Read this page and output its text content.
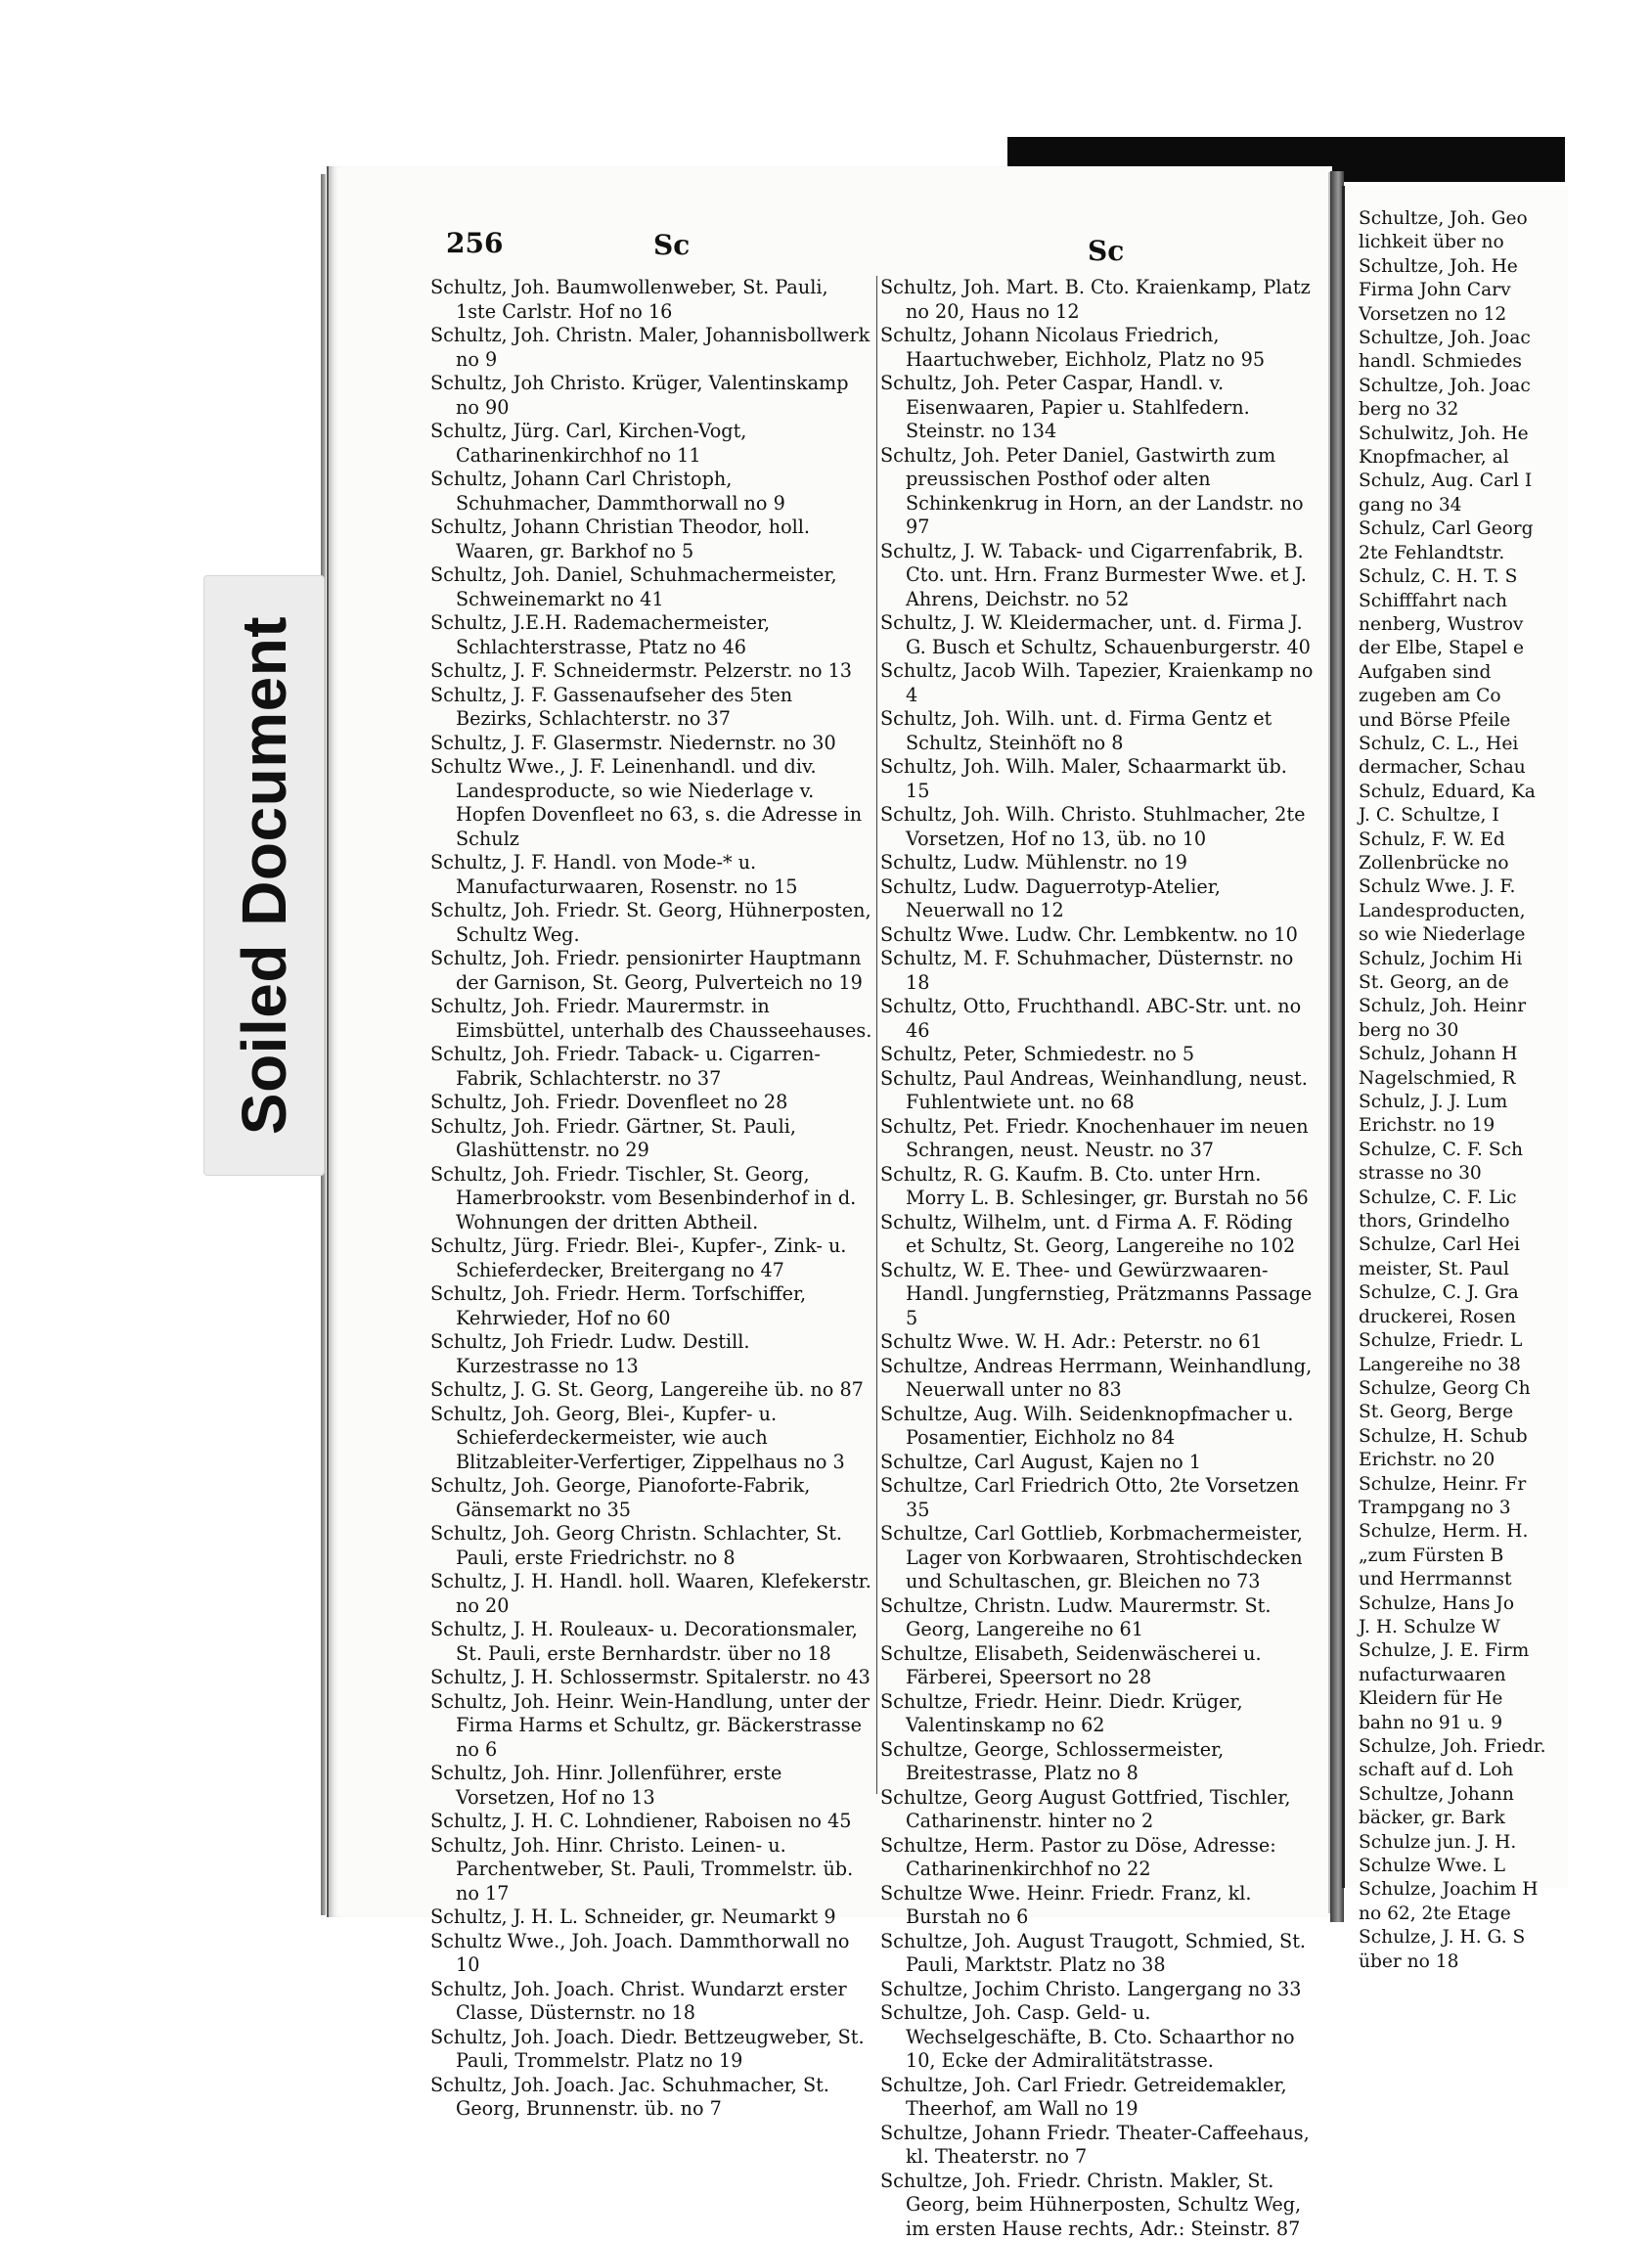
Schultze, Joh. Geo

lichkeit über no

Schultze, Joh. He

Firma John Carv

Vorsetzen no 12

Schultze, Joh. Joac

handl. Schmiedes

Schultze, Joh. Joac

berg no 32

Schulwitz, Joh. He

Knopfmacher, al

Schulz, Aug. Carl I

gang no 34

Schulz, Carl Georg

2te Fehlandtstr.

Schulz, C. H. T. S

Schifffahrt nach

nenberg, Wustrov

der Elbe, Stapel e

Aufgaben sind

zugeben am Co

und Börse Pfeile

Schulz, C. L., Hei

dermacher, Schau

Schulz, Eduard, Ka

J. C. Schultze, I

Schulz, F. W. Ed

Zollenbrücke no

Schulz Wwe. J. F.

Landesproducten,

so wie Niederlage

Schulz, Jochim Hi

St. Georg, an de

Schulz, Joh. Heinr

berg no 30

Schulz, Johann H

Nagelschmied, R

Schulz, J. J. Lum

Erichstr. no 19

Schulze, C. F. Sch

strasse no 30

Schulze, C. F. Lic

thors, Grindelho

Schulze, Carl Hei

meister, St. Paul

Schulze, C. J. Gra

druckerei, Rosen

Schulze, Friedr. L

Langereihe no 38

Schulze, Georg Ch

St. Georg, Berge

Schulze, H. Schub

Erichstr. no 20

Schulze, Heinr. Fr

Trampgang no 3

Schulze, Herm. H.

„zum Fürsten B

und Herrmannst

Schulze, Hans Jo

J. H. Schulze W

Schulze, J. E. Firm

nufacturwaaren

Kleidern für He

bahn no 91 u. 9

Schulze, Joh. Friedr.

schaft auf d. Loh

Schultze, Johann

bäcker, gr. Bark

Schulze jun. J. H.

Schulze Wwe. L

Schulze, Joachim H

no 62, 2te Etage

Schulze, J. H. G. S

über no 18

Soiled Document
256	Sc	Sc

Schultz, Joh. Baumwollenweber, St. Pauli, 1ste Carlstr. Hof no 16

Schultz, Joh. Christn. Maler, Johannisbollwerk no 9

Schultz, Joh Christo. Krüger, Valentinskamp no 90

Schultz, Jürg. Carl, Kirchen-Vogt, Catharinenkirchhof no 11

Schultz, Johann Carl Christoph, Schuhmacher, Dammthorwall no 9

Schultz, Johann Christian Theodor, holl. Waaren, gr. Barkhof no 5

Schultz, Joh. Daniel, Schuhmachermeister, Schweinemarkt no 41

Schultz, J.E.H. Rademachermeister, Schlachterstrasse, Ptatz no 46

Schultz, J. F. Schneidermstr. Pelzerstr. no 13

Schultz, J. F. Gassenaufseher des 5ten Bezirks, Schlachterstr. no 37

Schultz, J. F. Glasermstr. Niedernstr. no 30

Schultz Wwe., J. F. Leinenhandl. und div. Landesproducte, so wie Niederlage v. Hopfen Dovenfleet no 63, s. die Adresse in Schulz

Schultz, J. F. Handl. von Mode-* u. Manufacturwaaren, Rosenstr. no 15

Schultz, Joh. Friedr. St. Georg, Hühnerposten, Schultz Weg.

Schultz, Joh. Friedr. pensionirter Hauptmann der Garnison, St. Georg, Pulverteich no 19

Schultz, Joh. Friedr. Maurermstr. in Eimsbüttel, unterhalb des Chausseehauses.

Schultz, Joh. Friedr. Taback- u. Cigarren-Fabrik, Schlachterstr. no 37

Schultz, Joh. Friedr. Dovenfleet no 28

Schultz, Joh. Friedr. Gärtner, St. Pauli, Glashüttenstr. no 29

Schultz, Joh. Friedr. Tischler, St. Georg, Hamerbrookstr. vom Besenbinderhof in d. Wohnungen der dritten Abtheil.

Schultz, Jürg. Friedr. Blei-, Kupfer-, Zink- u. Schieferdecker, Breitergang no 47

Schultz, Joh. Friedr. Herm. Torfschiffer, Kehrwieder, Hof no 60

Schultz, Joh Friedr. Ludw. Destill. Kurzestrasse no 13

Schultz, J. G. St. Georg, Langereihe üb. no 87

Schultz, Joh. Georg, Blei-, Kupfer- u. Schieferdeckermeister, wie auch Blitzableiter-Verfertiger, Zippelhaus no 3

Schultz, Joh. George, Pianoforte-Fabrik, Gänsemarkt no 35

Schultz, Joh. Georg Christn. Schlachter, St. Pauli, erste Friedrichstr. no 8

Schultz, J. H. Handl. holl. Waaren, Klefekerstr. no 20

Schultz, J. H. Rouleaux- u. Decorationsmaler, St. Pauli, erste Bernhardstr. über no 18

Schultz, J. H. Schlossermstr. Spitalerstr. no 43

Schultz, Joh. Heinr. Wein-Handlung, unter der Firma Harms et Schultz, gr. Bäckerstrasse no 6

Schultz, Joh. Hinr. Jollenführer, erste Vorsetzen, Hof no 13

Schultz, J. H. C. Lohndiener, Raboisen no 45

Schultz, Joh. Hinr. Christo. Leinen- u. Parchentweber, St. Pauli, Trommelstr. üb. no 17

Schultz, J. H. L. Schneider, gr. Neumarkt 9

Schultz Wwe., Joh. Joach. Dammthorwall no 10

Schultz, Joh. Joach. Christ. Wundarzt erster Classe, Düsternstr. no 18

Schultz, Joh. Joach. Diedr. Bettzeugweber, St. Pauli, Trommelstr. Platz no 19

Schultz, Joh. Joach. Jac. Schuhmacher, St. Georg, Brunnenstr. üb. no 7

Schultz, Joh. Mart. B. Cto. Kraienkamp, Platz no 20, Haus no 12

Schultz, Johann Nicolaus Friedrich, Haartuchweber, Eichholz, Platz no 95

Schultz, Joh. Peter Caspar, Handl. v. Eisenwaaren, Papier u. Stahlfedern. Steinstr. no 134

Schultz, Joh. Peter Daniel, Gastwirth zum preussischen Posthof oder alten Schinkenkrug in Horn, an der Landstr. no 97

Schultz, J. W. Taback- und Cigarrenfabrik, B. Cto. unt. Hrn. Franz Burmester Wwe. et J. Ahrens, Deichstr. no 52

Schultz, J. W. Kleidermacher, unt. d. Firma J. G. Busch et Schultz, Schauenburgerstr. 40

Schultz, Jacob Wilh. Tapezier, Kraienkamp no 4

Schultz, Joh. Wilh. unt. d. Firma Gentz et Schultz, Steinhöft no 8

Schultz, Joh. Wilh. Maler, Schaarmarkt üb. 15

Schultz, Joh. Wilh. Christo. Stuhlmacher, 2te Vorsetzen, Hof no 13, üb. no 10

Schultz, Ludw. Mühlenstr. no 19

Schultz, Ludw. Daguerrotyp-Atelier, Neuerwall no 12

Schultz Wwe. Ludw. Chr. Lembkentw. no 10

Schultz, M. F. Schuhmacher, Düsternstr. no 18

Schultz, Otto, Fruchthandl. ABC-Str. unt. no 46

Schultz, Peter, Schmiedestr. no 5

Schultz, Paul Andreas, Weinhandlung, neust. Fuhlentwiete unt. no 68

Schultz, Pet. Friedr. Knochenhauer im neuen Schrangen, neust. Neustr. no 37

Schultz, R. G. Kaufm. B. Cto. unter Hrn. Morry L. B. Schlesinger, gr. Burstah no 56

Schultz, Wilhelm, unt. d Firma A. F. Röding et Schultz, St. Georg, Langereihe no 102

Schultz, W. E. Thee- und Gewürzwaaren-Handl. Jungfernstieg, Prätzmanns Passage 5

Schultz Wwe. W. H. Adr.: Peterstr. no 61

Schultze, Andreas Herrmann, Weinhandlung, Neuerwall unter no 83

Schultze, Aug. Wilh. Seidenknopfmacher u. Posamentier, Eichholz no 84

Schultze, Carl August, Kajen no 1

Schultze, Carl Friedrich Otto, 2te Vorsetzen 35

Schultze, Carl Gottlieb, Korbmachermeister, Lager von Korbwaaren, Strohtischdecken und Schultaschen, gr. Bleichen no 73

Schultze, Christn. Ludw. Maurermstr. St. Georg, Langereihe no 61

Schultze, Elisabeth, Seidenwäscherei u. Färberei, Speersort no 28

Schultze, Friedr. Heinr. Diedr. Krüger, Valentinskamp no 62

Schultze, George, Schlossermeister, Breitestrasse, Platz no 8

Schultze, Georg August Gottfried, Tischler, Catharinenstr. hinter no 2

Schultze, Herm. Pastor zu Döse, Adresse: Catharinenkirchhof no 22

Schultze Wwe. Heinr. Friedr. Franz, kl. Burstah no 6

Schultze, Joh. August Traugott, Schmied, St. Pauli, Marktstr. Platz no 38

Schultze, Jochim Christo. Langergang no 33

Schultze, Joh. Casp. Geld- u. Wechselgeschäfte, B. Cto. Schaarthor no 10, Ecke der Admiralitätstrasse.

Schultze, Joh. Carl Friedr. Getreidemakler, Theerhof, am Wall no 19

Schultze, Johann Friedr. Theater-Caffeehaus, kl. Theaterstr. no 7

Schultze, Joh. Friedr. Christn. Makler, St. Georg, beim Hühnerposten, Schultz Weg, im ersten Hause rechts, Adr.: Steinstr. 87
